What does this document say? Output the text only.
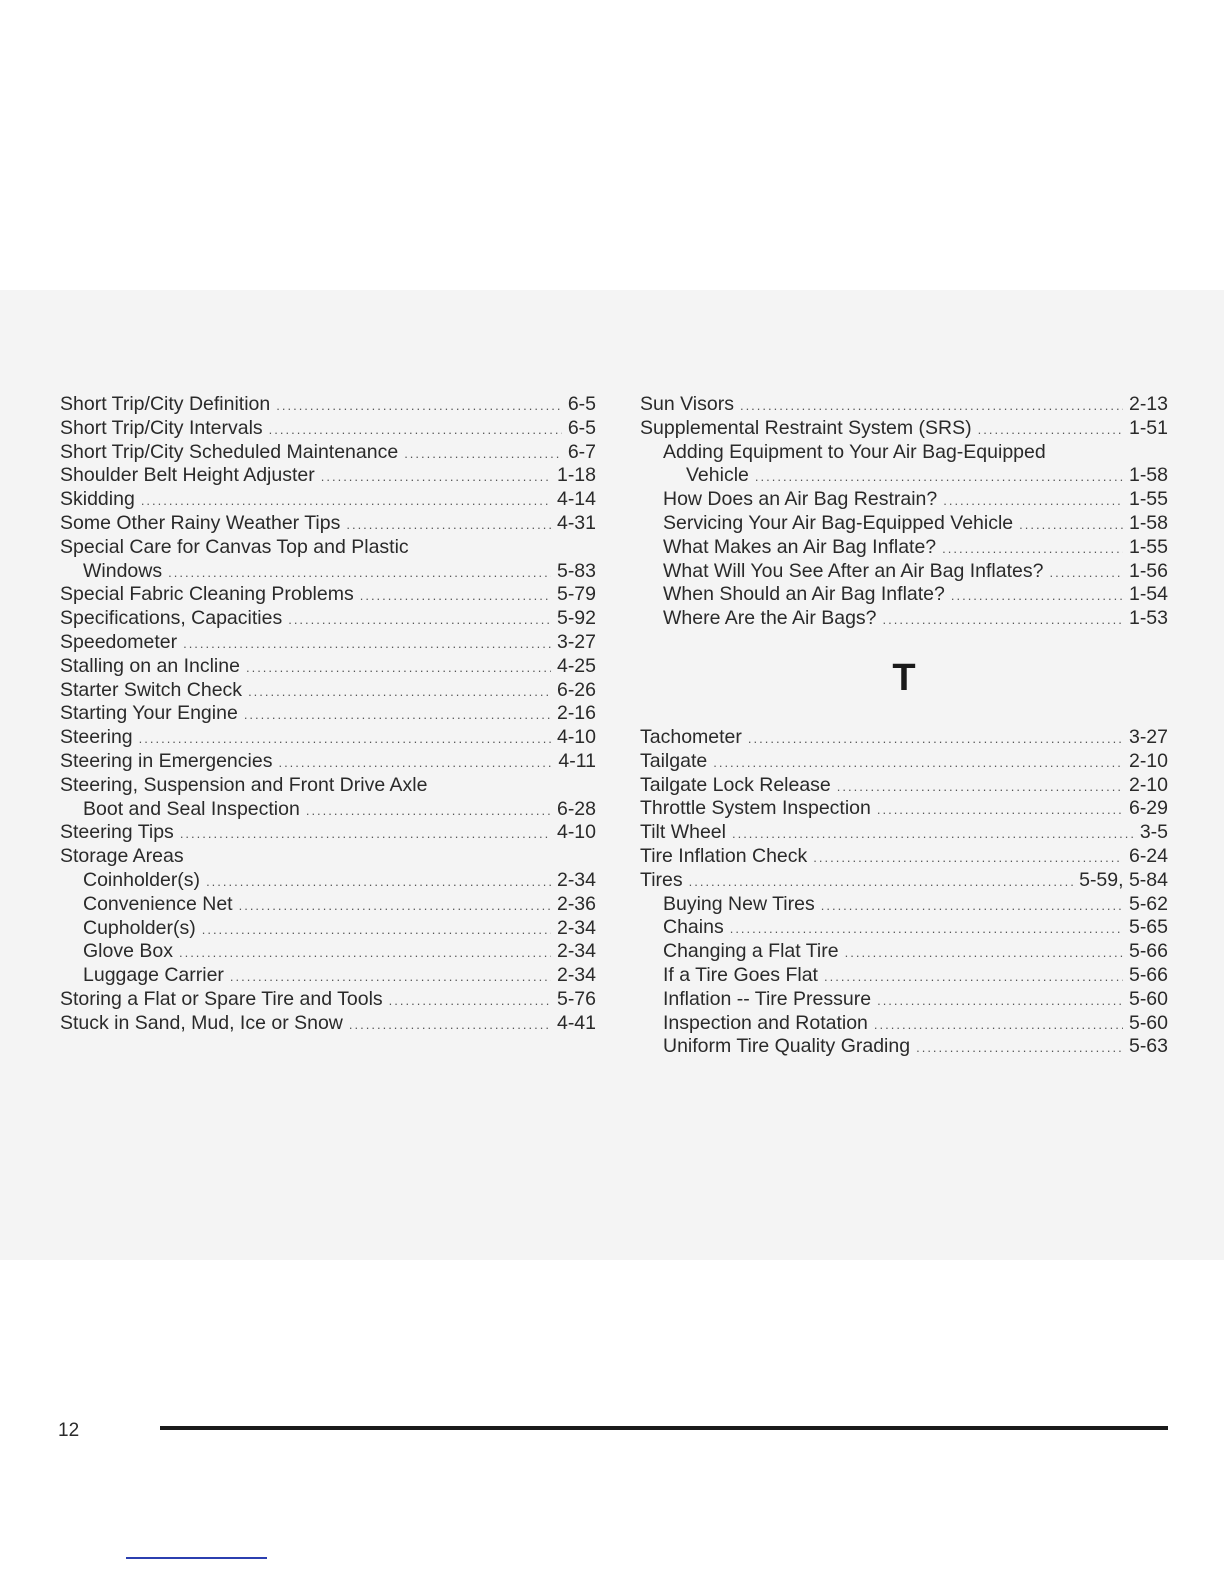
Short Trip/City Definition .....	6-5
Short Trip/City Intervals .....	6-5
Short Trip/City Scheduled Maintenance .....	6-7
Shoulder Belt Height Adjuster .....	1-18
Skidding .....	4-14
Some Other Rainy Weather Tips .....	4-31
Special Care for Canvas Top and Plastic
Windows .....	5-83
Special Fabric Cleaning Problems .....	5-79
Specifications, Capacities .....	5-92
Speedometer .....	3-27
Stalling on an Incline .....	4-25
Starter Switch Check .....	6-26
Starting Your Engine .....	2-16
Steering .....	4-10
Steering in Emergencies .....	4-11
Steering, Suspension and Front Drive Axle
Boot and Seal Inspection .....	6-28
Steering Tips .....	4-10
Storage Areas
Coinholder(s) .....	2-34
Convenience Net .....	2-36
Cupholder(s) .....	2-34
Glove Box .....	2-34
Luggage Carrier .....	2-34
Storing a Flat or Spare Tire and Tools .....	5-76
Stuck in Sand, Mud, Ice or Snow .....	4-41
Sun Visors .....	2-13
Supplemental Restraint System (SRS) .....	1-51
Adding Equipment to Your Air Bag-Equipped
Vehicle .....	1-58
How Does an Air Bag Restrain? .....	1-55
Servicing Your Air Bag-Equipped Vehicle .....	1-58
What Makes an Air Bag Inflate? .....	1-55
What Will You See After an Air Bag Inflates? .....	1-56
When Should an Air Bag Inflate? .....	1-54
Where Are the Air Bags? .....	1-53
T
Tachometer .....	3-27
Tailgate .....	2-10
Tailgate Lock Release .....	2-10
Throttle System Inspection .....	6-29
Tilt Wheel .....	3-5
Tire Inflation Check .....	6-24
Tires .....	5-59, 5-84
Buying New Tires .....	5-62
Chains .....	5-65
Changing a Flat Tire .....	5-66
If a Tire Goes Flat .....	5-66
Inflation -- Tire Pressure .....	5-60
Inspection and Rotation .....	5-60
Uniform Tire Quality Grading .....	5-63
12
